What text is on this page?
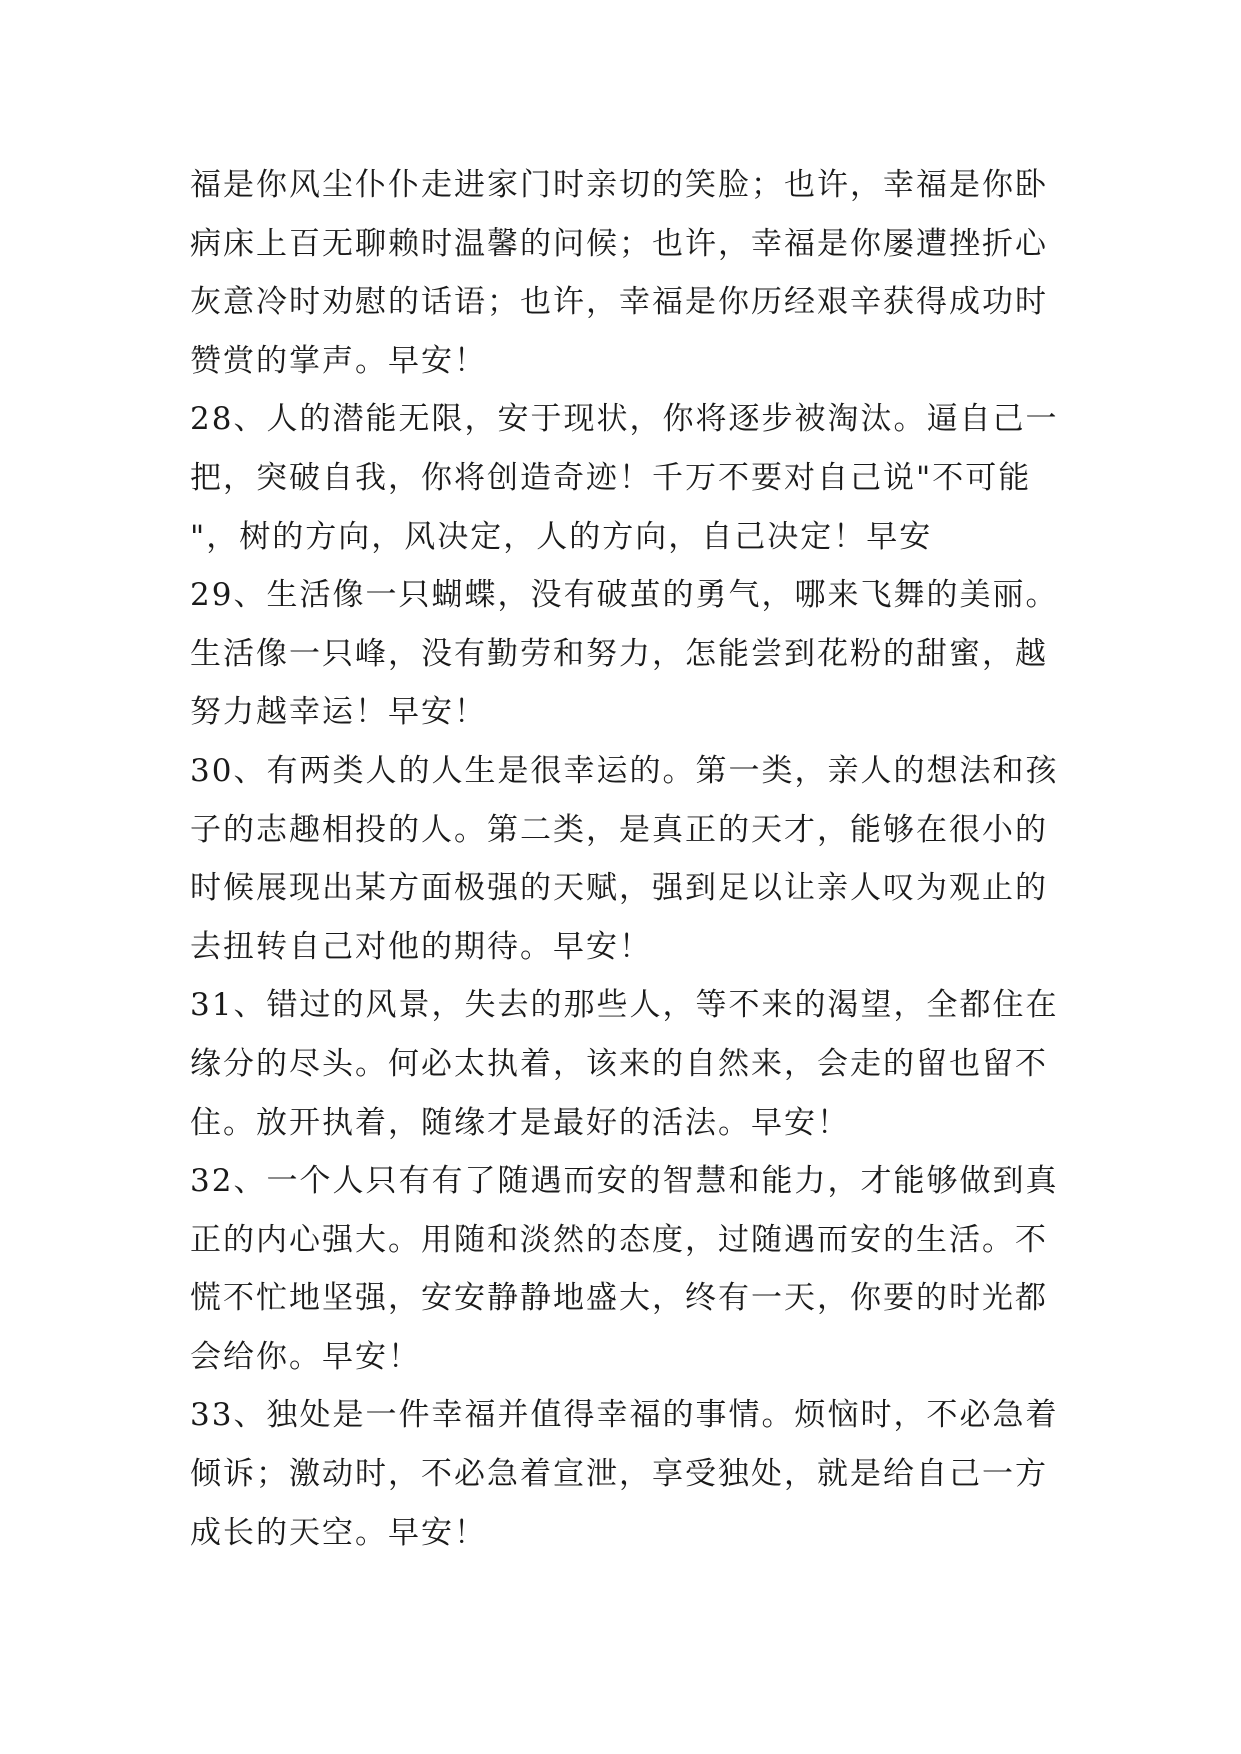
福是你风尘仆仆走进家门时亲切的笑脸；也许，幸福是你卧
病床上百无聊赖时温馨的问候；也许，幸福是你屡遭挫折心
灰意冷时劝慰的话语；也许，幸福是你历经艰辛获得成功时
赞赏的掌声。早安！
28、人的潜能无限，安于现状，你将逐步被淘汰。逼自己一
把，突破自我，你将创造奇迹！千万不要对自己说"不可能
"，树的方向，风决定，人的方向，自己决定！早安
29、生活像一只蝴蝶，没有破茧的勇气，哪来飞舞的美丽。
生活像一只峰，没有勤劳和努力，怎能尝到花粉的甜蜜，越
努力越幸运！早安！
30、有两类人的人生是很幸运的。第一类，亲人的想法和孩
子的志趣相投的人。第二类，是真正的天才，能够在很小的
时候展现出某方面极强的天赋，强到足以让亲人叹为观止的
去扭转自己对他的期待。早安！
31、错过的风景，失去的那些人，等不来的渴望，全都住在
缘分的尽头。何必太执着，该来的自然来，会走的留也留不
住。放开执着，随缘才是最好的活法。早安！
32、一个人只有有了随遇而安的智慧和能力，才能够做到真
正的内心强大。用随和淡然的态度，过随遇而安的生活。不
慌不忙地坚强，安安静静地盛大，终有一天，你要的时光都
会给你。早安！
33、独处是一件幸福并值得幸福的事情。烦恼时，不必急着
倾诉；激动时，不必急着宣泄，享受独处，就是给自己一方
成长的天空。早安！
